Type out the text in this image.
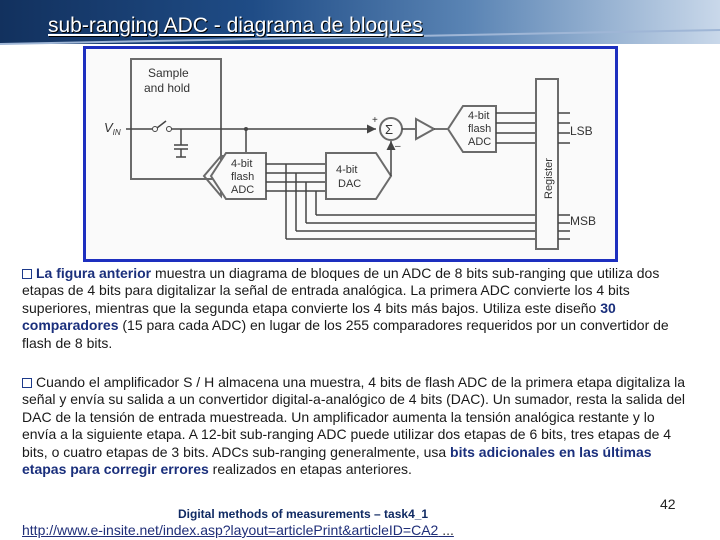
sub-ranging ADC - diagrama de bloques
Sample
and hold
$V_{IN}$
4-bit
flash
ADC
4-bit
DAC
Σ
+
–
4-bit
flash
ADC
Register
LSB
MSB
La figura anterior muestra un diagrama de bloques de un ADC de 8 bits sub-ranging que utiliza dos etapas de 4 bits para digitalizar la señal de entrada analógica. La primera ADC convierte los 4 bits superiores, mientras que la segunda etapa convierte los 4 bits más bajos. Utiliza este diseño 30 comparadores (15 para cada ADC) en lugar de los 255 comparadores requeridos por un convertidor de flash de 8 bits.
Cuando el amplificador S / H almacena una muestra, 4 bits de flash ADC de la primera etapa digitaliza la señal y envía su salida a un convertidor digital-a-analógico de 4 bits (DAC). Un sumador, resta la salida del DAC de la tensión de entrada muestreada. Un amplificador aumenta la tensión analógica restante y lo envía a la siguiente etapa. A 12-bit sub-ranging ADC puede utilizar dos etapas de 6 bits, tres etapas de 4 bits, o cuatro etapas de 3 bits. ADCs sub-ranging generalmente, usa bits adicionales en las últimas etapas para corregir errores realizados en etapas anteriores.
42
Digital methods of measurements – task4_1
http://www.e-insite.net/index.asp?layout=articlePrint&articleID=CA2 ...
